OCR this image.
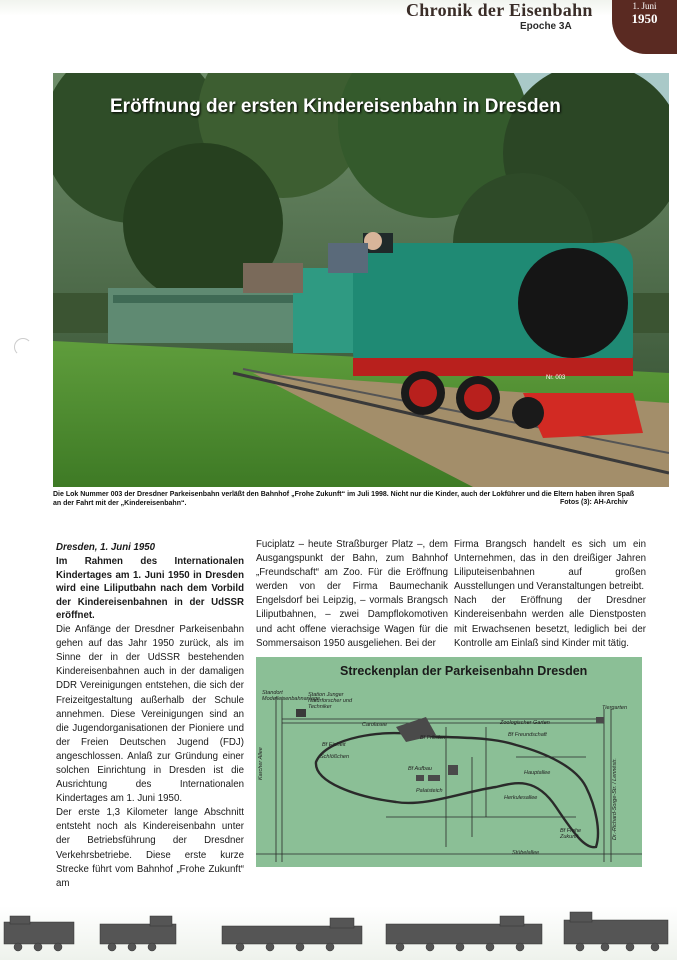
Chronik der Eisenbahn
Epoche 3A
1. Juni
1950
Nr. 003
Eröffnung der ersten Kindereisenbahn in Dresden
Die Lok Nummer 003 der Dresdner Parkeisenbahn verläßt den Bahnhof „Frohe Zukunft“ im Juli 1998. Nicht nur die Kinder, auch der Lokführer und die Eltern haben ihren Spaß an der Fahrt mit der „Kindereisenbahn“.	Fotos (3): AH-Archiv

Dresden, 1. Juni 1950

Im Rahmen des Internationalen Kindertages am 1. Juni 1950 in Dresden wird eine Liliputbahn nach dem Vorbild der Kindereisenbahnen in der UdSSR eröffnet.

Die Anfänge der Dresdner Parkeisenbahn gehen auf das Jahr 1950 zurück, als im Sinne der in der UdSSR bestehenden Kindereisenbahnen auch in der damaligen DDR Vereinigungen entstehen, die sich der Freizeitgestaltung außerhalb der Schule annehmen. Diese Vereinigungen sind an die Jugendorganisationen der Pioniere und der Freien Deutschen Jugend (FDJ) angeschlossen. Anlaß zur Gründung einer solchen Einrichtung in Dresden ist die Ausrichtung des Internationalen Kindertages am 1. Juni 1950.

Der erste 1,3 Kilometer lange Abschnitt entsteht noch als Kindereisenbahn unter der Betriebsführung der Dresdner Verkehrsbetriebe. Diese erste kurze Strecke führt vom Bahnhof „Frohe Zukunft“ am

Fuciplatz – heute Straßburger Platz –, dem Ausgangspunkt der Bahn, zum Bahnhof „Freundschaft“ am Zoo. Für die Eröffnung werden von der Firma Baumechanik Engelsdorf bei Leipzig, – vormals Brangsch Liliputbahnen, – zwei Dampflokomotiven und acht offene vierachsige Wagen für die Sommersaison 1950 ausgeliehen. Bei der

Firma Brangsch handelt es sich um ein Unternehmen, das in den dreißiger Jahren Liliputeisenbahnen auf großen Ausstellungen und Veranstaltungen betreibt.

Nach der Eröffnung der Dresdner Kindereisenbahn werden alle Dienstposten mit Erwachsenen besetzt, lediglich bei der Kontrolle am Einlaß sind Kinder mit tätig.

Streckenplan der Parkeisenbahn Dresden
Standort Modelleisenbahnanlage
Station Junger Naturforscher und Techniker
Carolasee	Zoologischer Garten
Bf Frieden	Bf Freundschaft
Bf Einheit
Schlößchen
Bf Aufbau
Palaisteich
Hauptallee
Herkulesallee
Bf Frohe Zukunft
Karcher Allee
Stübelallee
Dr.-Richard-Sorge-Str. / Lennéstr.
Tiergarten
